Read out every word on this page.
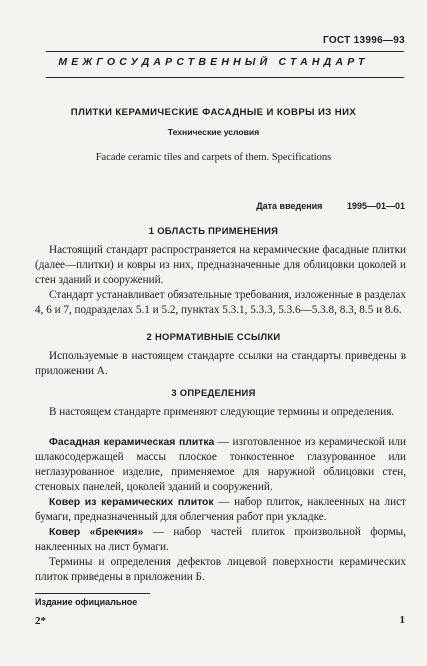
ГОСТ 13996—93
МЕЖГОСУДАРСТВЕННЫЙ СТАНДАРТ
ПЛИТКИ КЕРАМИЧЕСКИЕ ФАСАДНЫЕ И КОВРЫ ИЗ НИХ
Технические условия
Facade ceramic tiles and carpets of them. Specifications
Дата введения	1995—01—01
1 ОБЛАСТЬ ПРИМЕНЕНИЯ
Настоящий стандарт распространяется на керамические фасадные плитки (далее—плитки) и ковры из них, предназначенные для облицовки цоколей и стен зданий и сооружений.
Стандарт устанавливает обязательные требования, изложенные в разделах 4, 6 и 7, подразделах 5.1 и 5.2, пунктах 5.3.1, 5.3.3, 5.3.6—5.3.8, 8.3, 8.5 и 8.6.
2 НОРМАТИВНЫЕ ССЫЛКИ
Используемые в настоящем стандарте ссылки на стандарты приведены в приложении А.
3 ОПРЕДЕЛЕНИЯ
В настоящем стандарте применяют следующие термины и определения.
Фасадная керамическая плитка — изготовленное из керамической или шлакосодержащей массы плоское тонкостенное глазурованное или неглазурованное изделие, применяемое для наружной облицовки стен, стеновых панелей, цоколей зданий и сооружений.
Ковер из керамических плиток — набор плиток, наклеенных на лист бумаги, предназначенный для облегчения работ при укладке.
Ковер «брекчия» — набор частей плиток произвольной формы, наклеенных на лист бумаги.
Термины и определения дефектов лицевой поверхности керамических плиток приведены в приложении Б.
Издание официальное
2*	1
